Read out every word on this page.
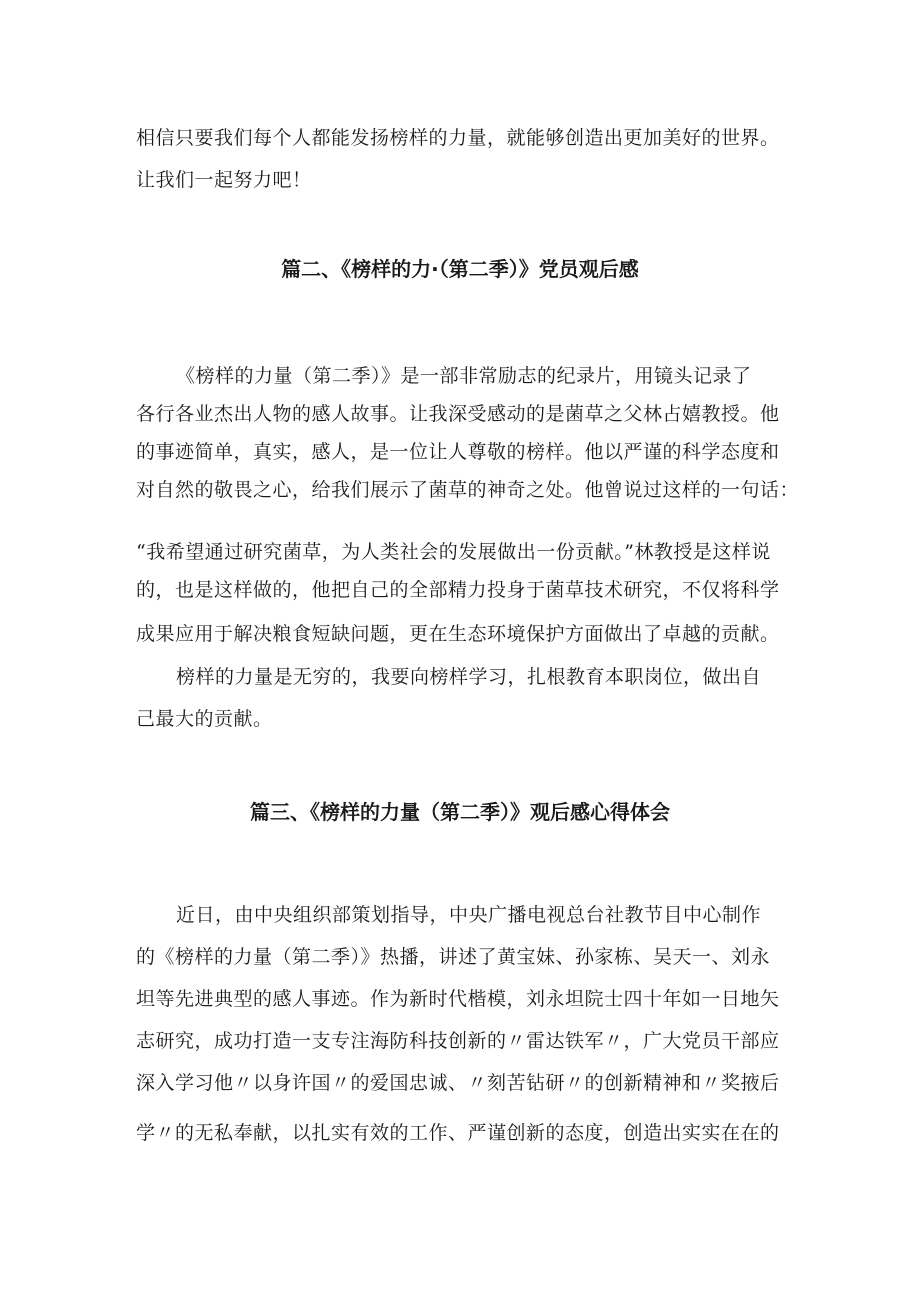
相信只要我们每个人都能发扬榜样的力量，就能够创造出更加美好的世界。
让我们一起努力吧！
篇二、《榜样的力·（第二季）》党员观后感
《榜样的力量（第二季）》是一部非常励志的纪录片，用镜头记录了
各行各业杰出人物的感人故事。让我深受感动的是菌草之父林占嬉教授。他
的事迹简单，真实，感人，是一位让人尊敬的榜样。他以严谨的科学态度和
对自然的敬畏之心，给我们展示了菌草的神奇之处。他曾说过这样的一句话：
“我希望通过研究菌草，为人类社会的发展做出一份贡献。”林教授是这样说
的，也是这样做的，他把自己的全部精力投身于菌草技术研究，不仅将科学
成果应用于解决粮食短缺问题，更在生态环境保护方面做出了卓越的贡献。
榜样的力量是无穷的，我要向榜样学习，扎根教育本职岗位，做出自
己最大的贡献。
篇三、《榜样的力量（第二季）》观后感心得体会
近日，由中央组织部策划指导，中央广播电视总台社教节目中心制作
的《榜样的力量（第二季）》热播，讲述了黄宝妹、孙家栋、吴天一、刘永
坦等先进典型的感人事迹。作为新时代楷模，刘永坦院士四十年如一日地矢
志研究，成功打造一支专注海防科技创新的〃雷达铁军〃，广大党员干部应
深入学习他〃以身许国〃的爱国忠诚、〃刻苦钻研〃的创新精神和〃奖掖后
学〃的无私奉献，以扎实有效的工作、严谨创新的态度，创造出实实在在的
